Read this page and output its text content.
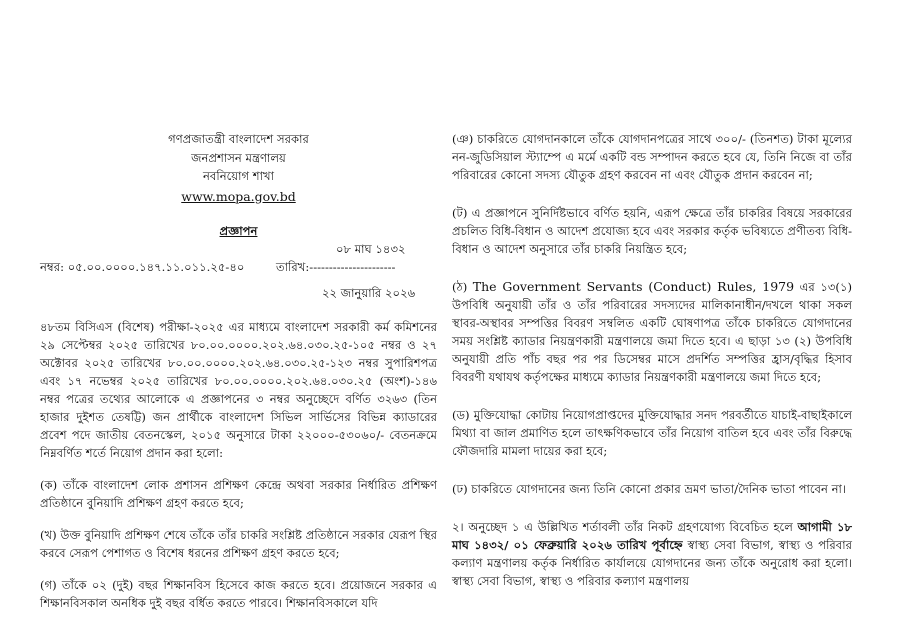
গণপ্রজাতন্ত্রী বাংলাদেশ সরকার
জনপ্রশাসন মন্ত্রণালয়
নবনিয়োগ শাখা
www.mopa.gov.bd
প্রজ্ঞাপন
০৮ মাঘ ১৪৩২
নম্বর: ০৫.০০.০০০০.১৪৭.১১.০১১.২৫-৪০	তারিখ:----------------------
২২ জানুয়ারি ২০২৬

৪৮তম বিসিএস (বিশেষ) পরীক্ষা-২০২৫ এর মাধ্যমে বাংলাদেশ সরকারী কর্ম কমিশনের ২৯ সেপ্টেম্বর ২০২৫ তারিখের ৮০.০০.০০০০.২০২.৬৪.০৩০.২৫-১০৫ নম্বর ও ২৭ অক্টোবর ২০২৫ তারিখের ৮০.০০.০০০০.২০২.৬৪.০৩০.২৫-১২৩ নম্বর সুপারিশপত্র এবং ১৭ নভেম্বর ২০২৫ তারিখের ৮০.০০.০০০০.২০২.৬৪.০৩০.২৫ (অংশ)-১৪৬ নম্বর পত্রের তথ্যের আলোকে এ প্রজ্ঞাপনের ৩ নম্বর অনুচ্ছেদে বর্ণিত ৩২৬৩ (তিন হাজার দুইশত তেষট্টি) জন প্রার্থীকে বাংলাদেশ সিভিল সার্ভিসের বিভিন্ন ক্যাডারের প্রবেশ পদে জাতীয় বেতনস্কেল, ২০১৫ অনুসারে টাকা ২২০০০-৫৩০৬০/- বেতনক্রমে নিম্নবর্ণিত শর্তে নিয়োগ প্রদান করা হলো:

(ক) তাঁকে বাংলাদেশ লোক প্রশাসন প্রশিক্ষণ কেন্দ্রে অথবা সরকার নির্ধারিত প্রশিক্ষণ প্রতিষ্ঠানে বুনিয়াদি প্রশিক্ষণ গ্রহণ করতে হবে;

(খ) উক্ত বুনিয়াদি প্রশিক্ষণ শেষে তাঁকে তাঁর চাকরি সংশ্লিষ্ট প্রতিষ্ঠানে সরকার যেরূপ স্থির করবে সেরূপ পেশাগত ও বিশেষ ধরনের প্রশিক্ষণ গ্রহণ করতে হবে;

(গ) তাঁকে ০২ (দুই) বছর শিক্ষানবিস হিসেবে কাজ করতে হবে। প্রয়োজনে সরকার এ শিক্ষানবিসকাল অনধিক দুই বছর বর্ধিত করতে পারবে। শিক্ষানবিসকালে যদি

(ঞ) চাকরিতে যোগদানকালে তাঁকে যোগদানপত্রের সাথে ৩০০/- (তিনশত) টাকা মূল্যের নন-জুডিসিয়াল স্ট্যাম্পে এ মর্মে একটি বন্ড সম্পাদন করতে হবে যে, তিনি নিজে বা তাঁর পরিবারের কোনো সদস্য যৌতুক গ্রহণ করবেন না এবং যৌতুক প্রদান করবেন না;

(ট) এ প্রজ্ঞাপনে সুনির্দিষ্টভাবে বর্ণিত হয়নি, এরূপ ক্ষেত্রে তাঁর চাকরির বিষয়ে সরকারের প্রচলিত বিধি-বিধান ও আদেশ প্রযোজ্য হবে এবং সরকার কর্তৃক ভবিষ্যতে প্রণীতব্য বিধি-বিধান ও আদেশ অনুসারে তাঁর চাকরি নিয়ন্ত্রিত হবে;

(ঠ) The Government Servants (Conduct) Rules, 1979 এর ১৩(১) উপবিধি অনুযায়ী তাঁর ও তাঁর পরিবারের সদস্যদের মালিকানাধীন/দখলে থাকা সকল স্থাবর-অস্থাবর সম্পত্তির বিবরণ সম্বলিত একটি ঘোষণাপত্র তাঁকে চাকরিতে যোগদানের সময় সংশ্লিষ্ট ক্যাডার নিয়ন্ত্রণকারী মন্ত্রণালয়ে জমা দিতে হবে। এ ছাড়া ১৩ (২) উপবিধি অনুযায়ী প্রতি পাঁচ বছর পর পর ডিসেম্বর মাসে প্রদর্শিত সম্পত্তির হ্রাস/বৃদ্ধির হিসাব বিবরণী যথাযথ কর্তৃপক্ষের মাধ্যমে ক্যাডার নিয়ন্ত্রণকারী মন্ত্রণালয়ে জমা দিতে হবে;

(ড) মুক্তিযোদ্ধা কোটায় নিয়োগপ্রাপ্তদের মুক্তিযোদ্ধার সনদ পরবর্তীতে যাচাই-বাছাইকালে মিথ্যা বা জাল প্রমাণিত হলে তাৎক্ষণিকভাবে তাঁর নিয়োগ বাতিল হবে এবং তাঁর বিরুদ্ধে ফৌজদারি মামলা দায়ের করা হবে;

(ঢ) চাকরিতে যোগদানের জন্য তিনি কোনো প্রকার ভ্রমণ ভাতা/দৈনিক ভাতা পাবেন না।

২। অনুচ্ছেদ ১ এ উল্লিখিত শর্তাবলী তাঁর নিকট গ্রহণযোগ্য বিবেচিত হলে আগামী ১৮ মাঘ ১৪৩২/ ০১ ফেব্রুয়ারি ২০২৬ তারিখ পূর্বাহ্নে স্বাস্থ্য সেবা বিভাগ, স্বাস্থ্য ও পরিবার কল্যাণ মন্ত্রণালয় কর্তৃক নির্ধারিত কার্যালয়ে যোগদানের জন্য তাঁকে অনুরোধ করা হলো। স্বাস্থ্য সেবা বিভাগ, স্বাস্থ্য ও পরিবার কল্যাণ মন্ত্রণালয়
